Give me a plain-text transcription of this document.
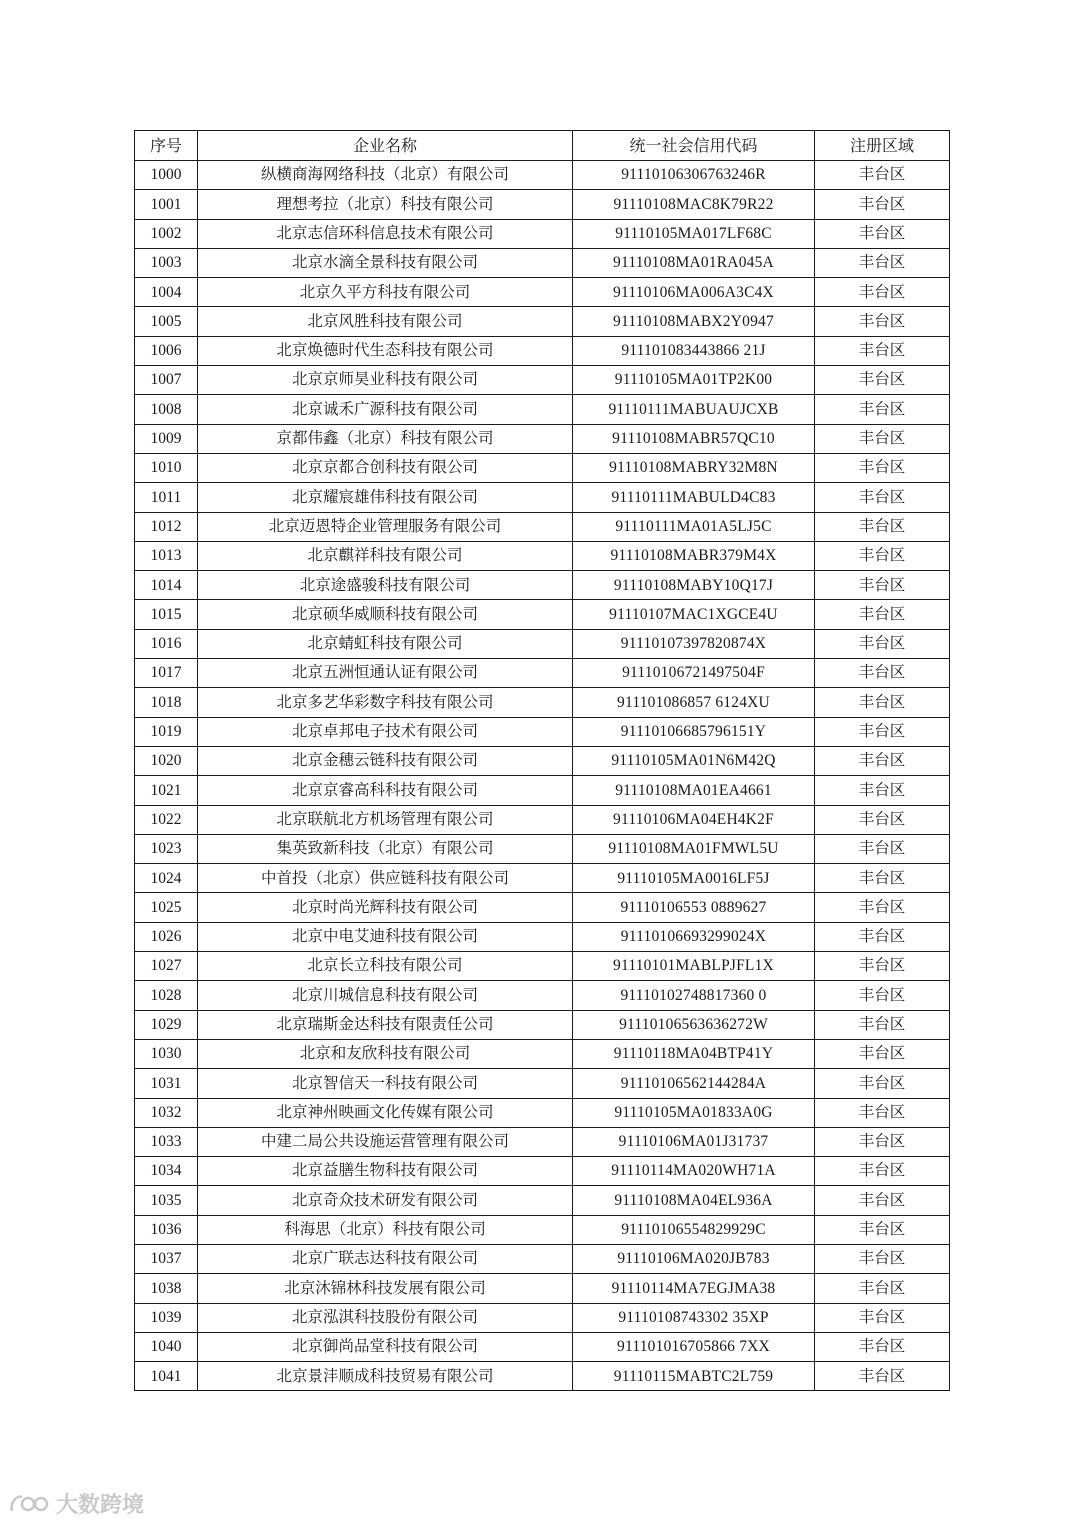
序号	企业名称	统一社会信用代码	注册区域
1000	纵横商海网络科技（北京）有限公司	91110106306763246R	丰台区
1001	理想考拉（北京）科技有限公司	91110108MAC8K79R22	丰台区
1002	北京志信环科信息技术有限公司	91110105MA017LF68C	丰台区
1003	北京水滴全景科技有限公司	91110108MA01RA045A	丰台区
1004	北京久平方科技有限公司	91110106MA006A3C4X	丰台区
1005	北京风胜科技有限公司	91110108MABX2Y0947	丰台区
1006	北京焕德时代生态科技有限公司	911101083443866 21J	丰台区
1007	北京京师昊业科技有限公司	91110105MA01TP2K00	丰台区
1008	北京诚禾广源科技有限公司	91110111MABUAUJCXB	丰台区
1009	京都伟鑫（北京）科技有限公司	91110108MABR57QC10	丰台区
1010	北京京都合创科技有限公司	91110108MABRY32M8N	丰台区
1011	北京耀宸雄伟科技有限公司	91110111MABULD4C83	丰台区
1012	北京迈恩特企业管理服务有限公司	91110111MA01A5LJ5C	丰台区
1013	北京麒祥科技有限公司	91110108MABR379M4X	丰台区
1014	北京途盛骏科技有限公司	91110108MABY10Q17J	丰台区
1015	北京硕华威顺科技有限公司	91110107MAC1XGCE4U	丰台区
1016	北京蜻虹科技有限公司	91110107397820874X	丰台区
1017	北京五洲恒通认证有限公司	91110106721497504F	丰台区
1018	北京多艺华彩数字科技有限公司	911101086857 6124XU	丰台区
1019	北京卓邦电子技术有限公司	91110106685796151Y	丰台区
1020	北京金穗云链科技有限公司	91110105MA01N6M42Q	丰台区
1021	北京京睿高科科技有限公司	91110108MA01EA4661	丰台区
1022	北京联航北方机场管理有限公司	91110106MA04EH4K2F	丰台区
1023	集英致新科技（北京）有限公司	91110108MA01FMWL5U	丰台区
1024	中首投（北京）供应链科技有限公司	91110105MA0016LF5J	丰台区
1025	北京时尚光辉科技有限公司	91110106553 0889627	丰台区
1026	北京中电艾迪科技有限公司	91110106693299024X	丰台区
1027	北京长立科技有限公司	91110101MABLPJFL1X	丰台区
1028	北京川城信息科技有限公司	91110102748817360 0	丰台区
1029	北京瑞斯金达科技有限责任公司	91110106563636272W	丰台区
1030	北京和友欣科技有限公司	91110118MA04BTP41Y	丰台区
1031	北京智信天一科技有限公司	91110106562144284A	丰台区
1032	北京神州映画文化传媒有限公司	91110105MA01833A0G	丰台区
1033	中建二局公共设施运营管理有限公司	91110106MA01J31737	丰台区
1034	北京益膳生物科技有限公司	91110114MA020WH71A	丰台区
1035	北京奇众技术研发有限公司	91110108MA04EL936A	丰台区
1036	科海思（北京）科技有限公司	91110106554829929C	丰台区
1037	北京广联志达科技有限公司	91110106MA020JB783	丰台区
1038	北京沐锦林科技发展有限公司	91110114MA7EGJMA38	丰台区
1039	北京泓淇科技股份有限公司	91110108743302 35XP	丰台区
1040	北京御尚品堂科技有限公司	911101016705866 7XX	丰台区
1041	北京景沣顺成科技贸易有限公司	91110115MABTC2L759	丰台区
大数跨境
